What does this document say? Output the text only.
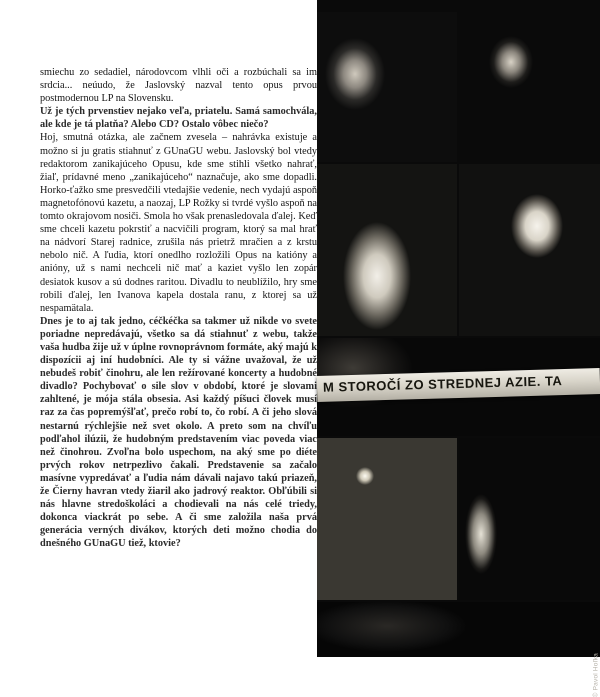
smiechu zo sedadiel, národovcom vlhli oči a rozbúchali sa im srdcia... neúudo, že Jaslovský nazval tento opus prvou postmodernou LP na Slovensku.

Už je tých prvenstiev nejako veľa, priatelu. Samá samochvála, ale kde je tá platňa? Alebo CD? Ostalo vôbec niečo?

Hoj, smutná otázka, ale začnem zvesela – nahrávka existuje a možno si ju gratis stiahnuť z GUnaGU webu. Jaslovský bol vtedy redaktorom zanikajúceho Opusu, kde sme stihli všetko nahrať, žiaľ, prídavné meno „zanikajúceho“ naznačuje, ako sme dopadli. Horko-ťažko sme presvedčili vtedajšie vedenie, nech vydajú aspoň magnetofónovú kazetu, a naozaj, LP Rožky si tvrdé vyšlo aspoň na tomto okrajovom nosiči. Smola ho však prenasledovala ďalej. Keď sme chceli kazetu pokrstiť a nacvičili program, ktorý sa mal hrať na nádvorí Starej radnice, zrušila nás prietrž mračien a z krstu nebolo nič. A ľudia, ktorí onedlho rozložili Opus na katióny a anióny, už s nami nechceli nič mať a kaziet vyšlo len zopár desiatok kusov a sú dodnes raritou. Divadlu to neublížilo, hry sme robili ďalej, len Ivanova kapela dostala ranu, z ktorej sa už nespamätala.

Dnes je to aj tak jedno, céčkéčka sa takmer už nikde vo svete poriadne nepredávajú, všetko sa dá stiahnuť z webu, takže vaša hudba žije už v úplne rovnoprávnom formáte, aký majú k dispozícii aj iní hudobníci. Ale ty si vážne uvažoval, že už nebudeš robiť činohru, ale len režírované koncerty a hudobné divadlo? Pochybovať o sile slov v období, ktoré je slovami zahltené, je mója stála obsesia. Asi každý píšuci človek musí raz za čas popremýšľať, prečo robí to, čo robí. A či jeho slová nestarnú rýchlejšie než svet okolo. A preto som na chvíľu podľahol ilúzii, že hudobným predstavením viac poveda viac než činohrou. Zvoľna bolo uspechom, na aký sme po diéte prvých rokov netrpezlivo čakali. Predstavenie sa začalo masívne vypredávať a ľudia nám dávali najavo takú priazeň, že Čierny havran vtedy žiaril ako jadrový reaktor. Obľúbili si nás hlavne stredoškoláci a chodievali na nás celé triedy, dokonca viackrát po sebe. A či sme založila naša prvá generácia verných divákov, ktorých deti možno chodia do dnešného GUnaGU tiež, ktovie?

M STOROČÍ ZO STREDNEJ AZIE. TA
© Pavol Hoľka
